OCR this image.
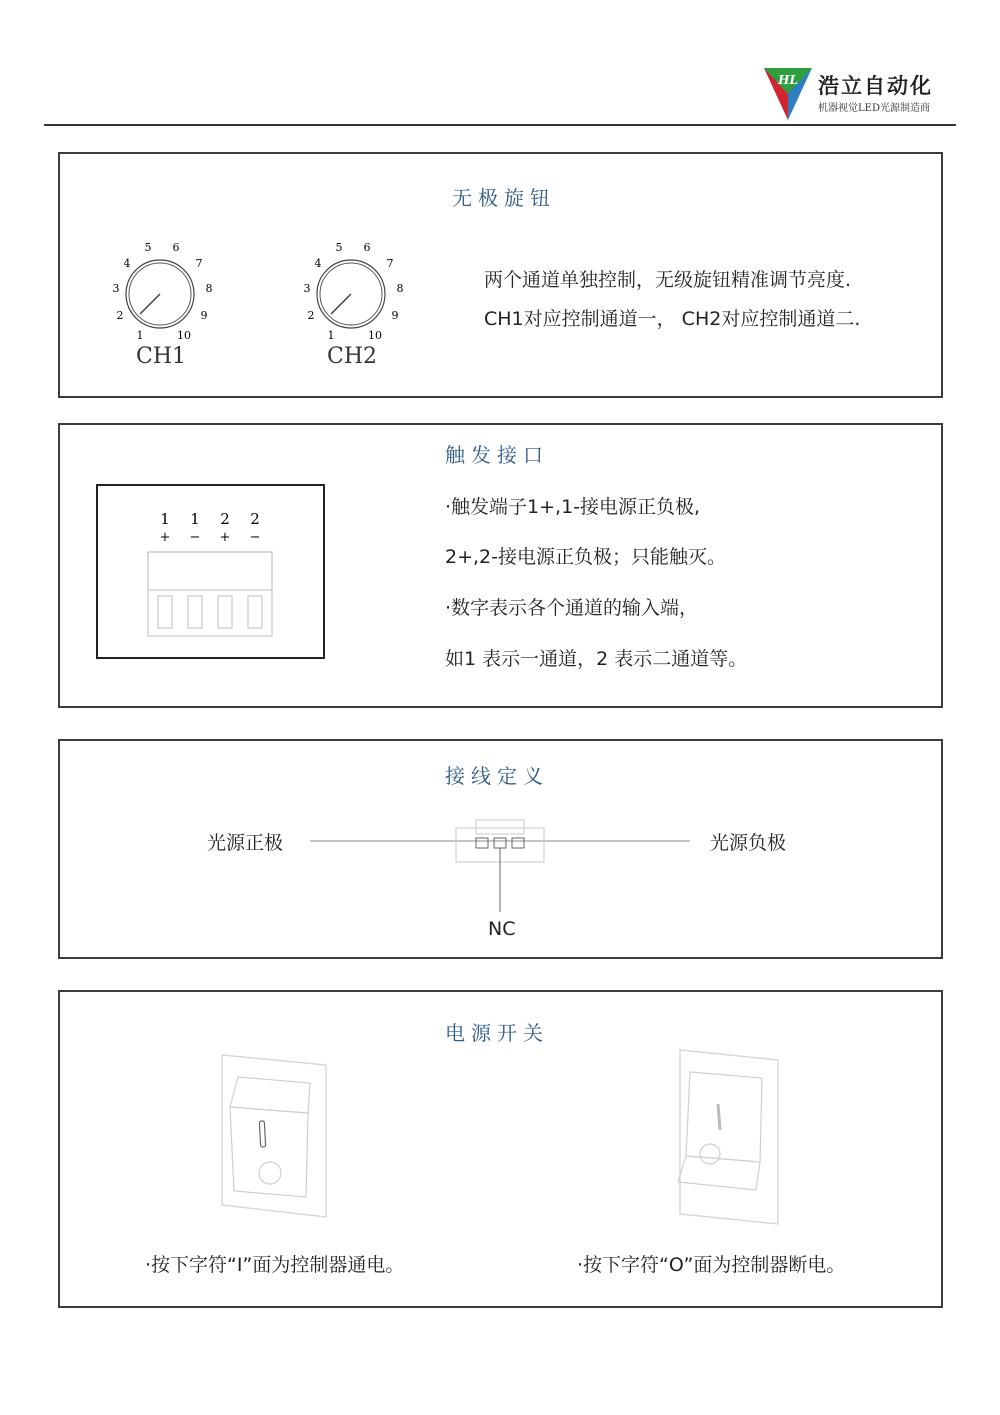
HL 浩立自动化
机器视觉LED光源制造商
无极旋钮
1
2
3
4
5 6
7
8
9
10
CH1
1
2
3
4
5 6
7
8
9
10
CH2
两个通道单独控制，无级旋钮精准调节亮度.
CH1对应控制通道一， CH2对应控制通道二.
触发接口
1 1 2 2
+ − + −
·触发端子1+,1-接电源正负极,
2+,2-接电源正负极；只能触灭。
·数字表示各个通道的输入端，
如1 表示一通道，2 表示二通道等。
接线定义
光源正极	光源负极
NC
电源开关
·按下字符“I”面为控制器通电。	·按下字符“O”面为控制器断电。
